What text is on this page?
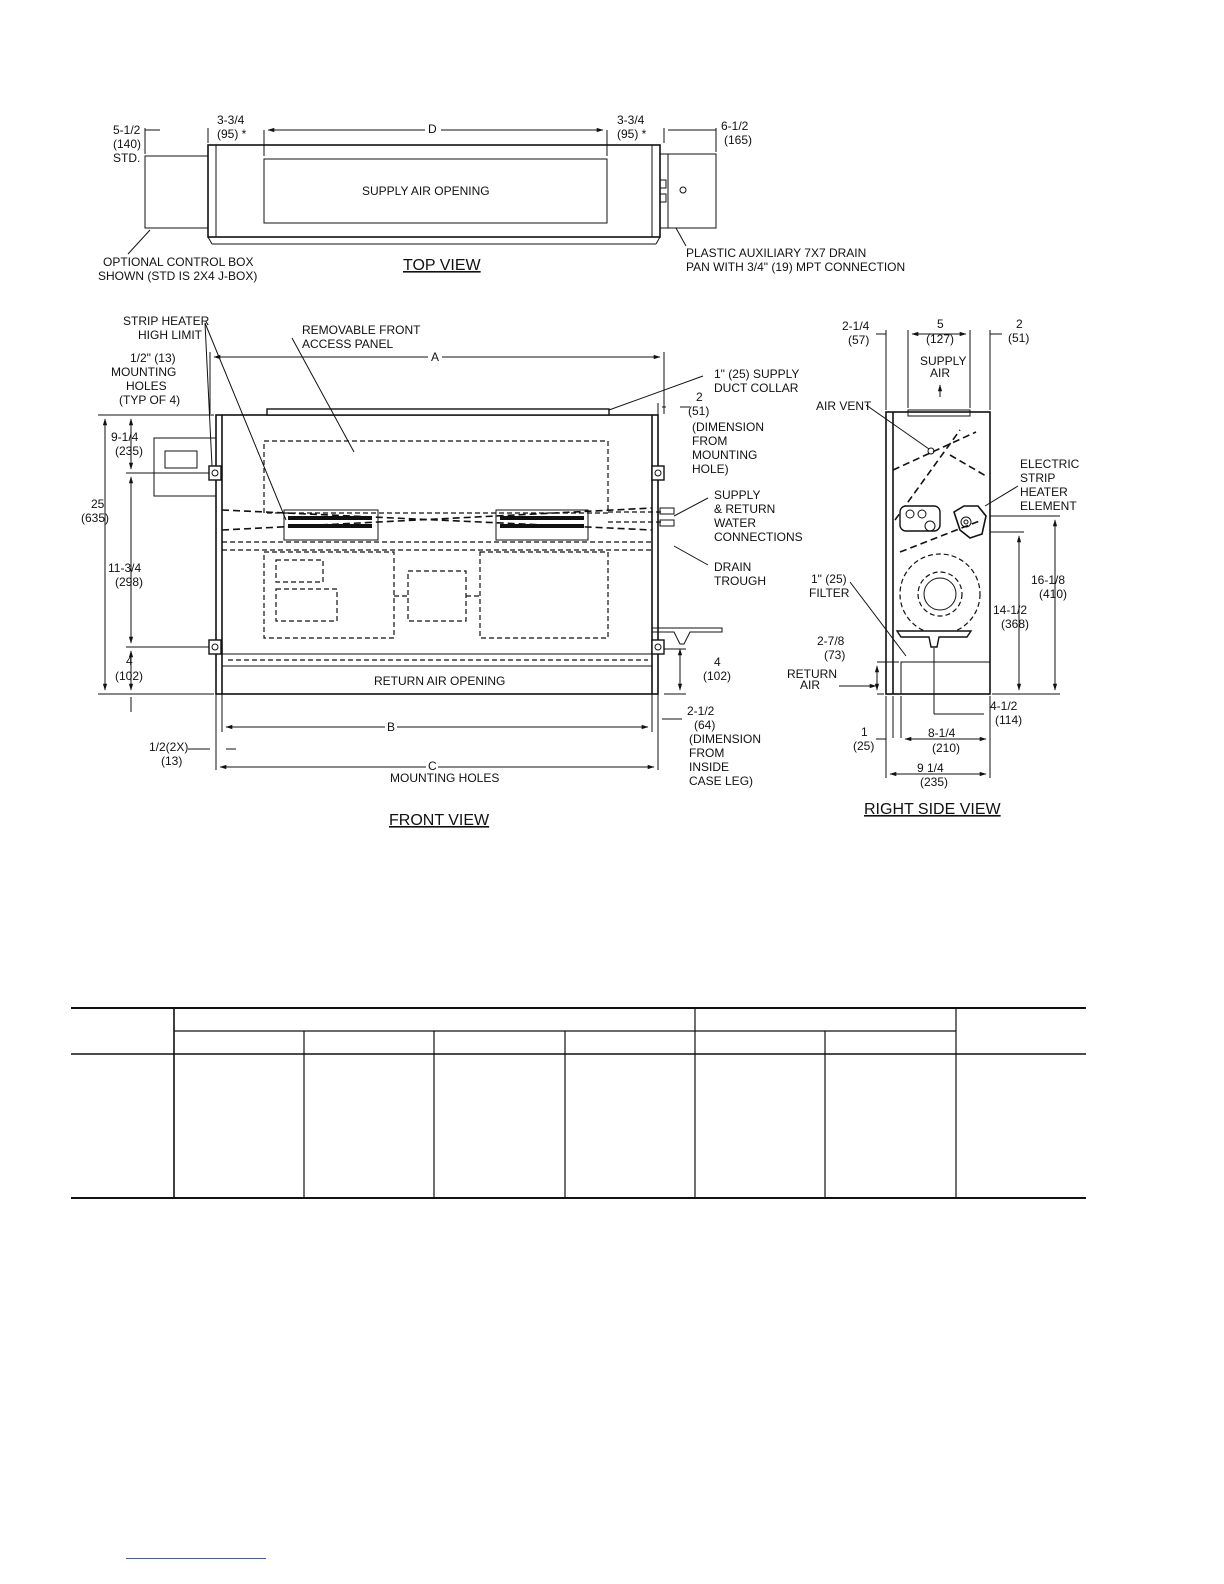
SUPPLY AIR OPENING
5-1/2
(140)
STD.
3-3/4
(95) *	D
3-3/4
(95) *
6-1/2
(165)
OPTIONAL CONTROL BOX
SHOWN (STD IS 2X4 J-BOX)
PLASTIC AUXILIARY 7X7 DRAIN
PAN WITH 3/4" (19) MPT CONNECTION
TOP VIEW
RETURN AIR OPENING
STRIP HEATER
HIGH LIMIT	REMOVABLE FRONT
ACCESS PANEL
1/2" (13)
MOUNTING
HOLES
(TYP OF 4)
A
1" (25) SUPPLY
DUCT COLLAR
2
(51)
(DIMENSION
FROM
MOUNTING
HOLE)
9-1/4
(235)
25
(635)
11-3/4
(298)
4
(102)
SUPPLY
& RETURN
WATER
CONNECTIONS
DRAIN
TROUGH
4
(102)
B
2-1/2
(64)
(DIMENSION
FROM
INSIDE
CASE LEG)
1/2(2X)
(13)	C
MOUNTING HOLES
FRONT VIEW
2-1/4
(57)
5
(127)
2
(51)
SUPPLY
AIR
AIR VENT
ELECTRIC
STRIP
HEATER
ELEMENT
1" (25)
FILTER
16-1/8
(410)
14-1/2
(368)
2-7/8
(73)
RETURN
AIR
4-1/2
(114)
1
(25)
8-1/4
(210)
9 1/4
(235)
RIGHT SIDE VIEW
